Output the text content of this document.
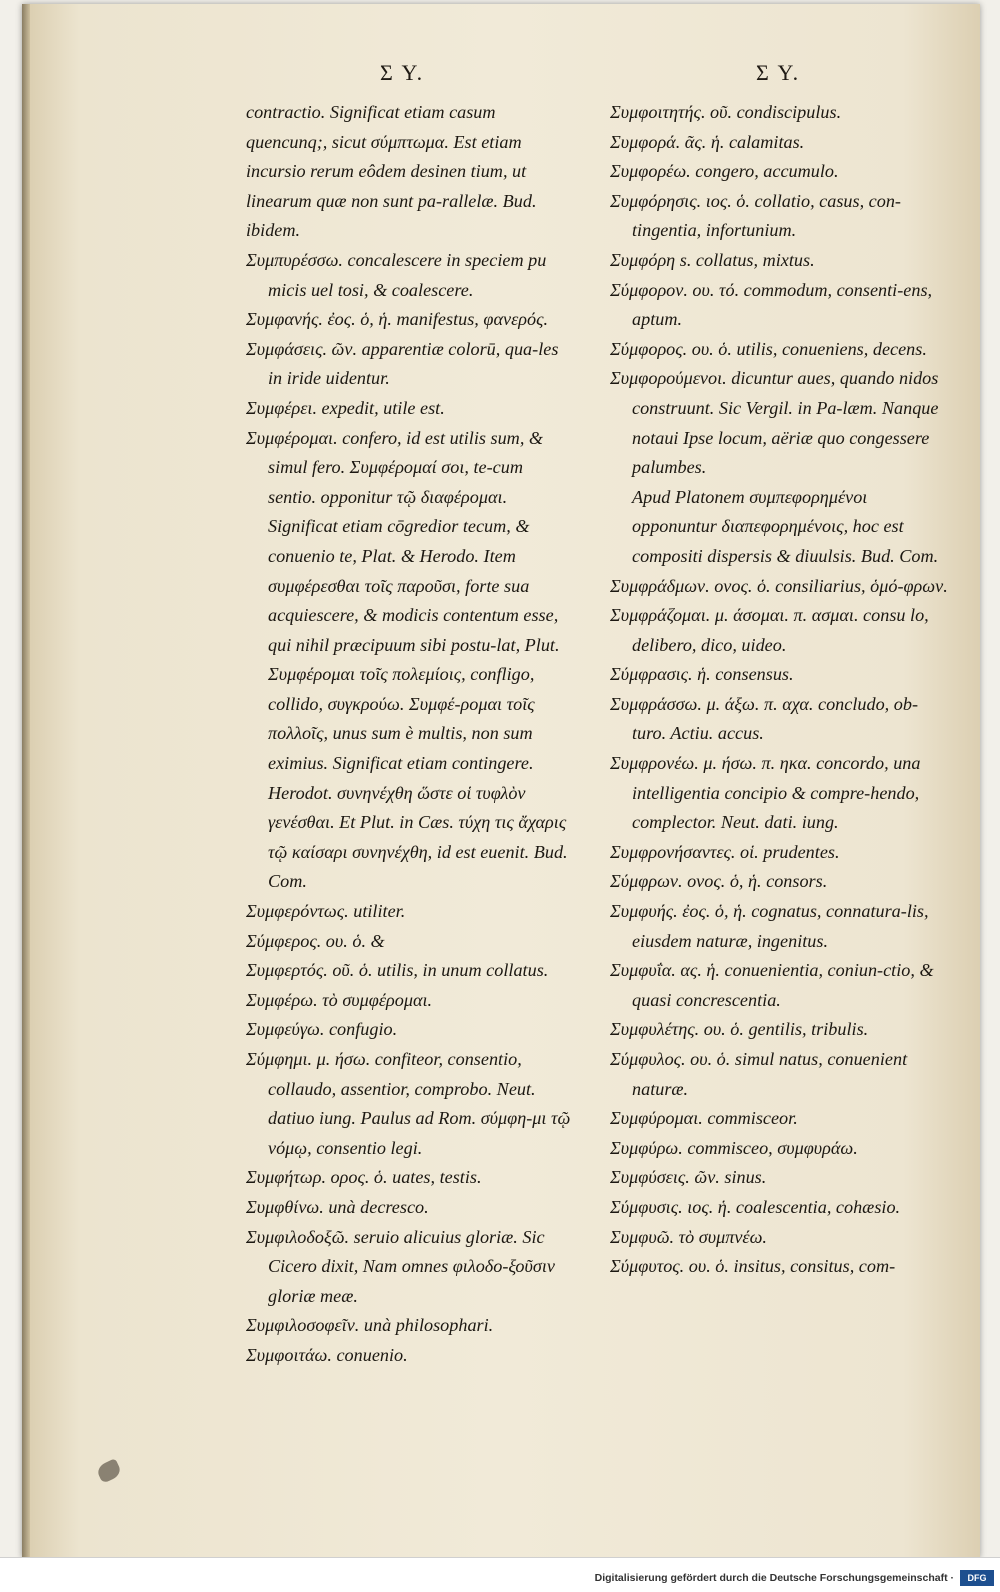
Σ Υ.	Σ Υ.

contractio. Significat etiam casum quencunq;, sicut σύμπτωμα. Est etiam incursio rerum eôdem desinen tium, ut linearum quæ non sunt pa-rallelæ. Bud. ibidem.

Συμπυρέσσω. concalescere in speciem pu micis uel tosi, & coalescere.

Συμφανής. ἐος. ὁ, ἡ. manifestus, φανερός.

Συμφάσεις. ῶν. apparentiæ colorū, qua-les in iride uidentur.

Συμφέρει. expedit, utile est.

Συμφέρομαι. confero, id est utilis sum, & simul fero. Συμφέρομαί σοι, te-cum sentio. opponitur τῷ διαφέρομαι.

Significat etiam cōgredior tecum, & conuenio te, Plat. & Herodo. Item συμφέρεσθαι τοῖς παροῦσι, forte sua acquiescere, & modicis contentum esse, qui nihil præcipuum sibi postu-lat, Plut. Συμφέρομαι τοῖς πολεμίοις, confligo, collido, συγκρούω. Συμφέ-ρομαι τοῖς πολλοῖς, unus sum è multis, non sum eximius. Significat etiam contingere. Herodot. συνηνέχθη ὥστε οἱ τυφλὸν γενέσθαι. Et Plut. in Cæs. τύχη τις ἄχαρις τῷ καίσαρι συνηνέχθη, id est euenit. Bud. Com.

Συμφερόντως. utiliter.

Σύμφερος. ου. ὁ. &

Συμφερτός. οῦ. ὁ. utilis, in unum collatus.

Συμφέρω. τὸ συμφέρομαι.

Συμφεύγω. confugio.

Σύμφημι. μ. ήσω. confiteor, consentio, collaudo, assentior, comprobo. Neut. datiuo iung. Paulus ad Rom. σύμφη-μι τῷ νόμῳ, consentio legi.

Συμφήτωρ. ορος. ὁ. uates, testis.

Συμφθίνω. unà decresco.

Συμφιλοδοξῶ. seruio alicuius gloriæ. Sic Cicero dixit, Nam omnes φιλοδο-ξοῦσιν gloriæ meæ.

Συμφιλοσοφεῖν. unà philosophari.

Συμφοιτάω. conuenio.

Συμφοιτητής. οῦ. condiscipulus.

Συμφορά. ᾶς. ἡ. calamitas.

Συμφορέω. congero, accumulo.

Συμφόρησις. ιος. ὁ. collatio, casus, con-tingentia, infortunium.

Συμφόρη s. collatus, mixtus.

Σύμφορον. ου. τό. commodum, consenti-ens, aptum.

Σύμφορος. ου. ὁ. utilis, conueniens, decens.

Συμφορούμενοι. dicuntur aues, quando nidos construunt. Sic Vergil. in Pa-læm. Nanque notaui Ipse locum, aëriæ quo congessere palumbes.

Apud Platonem συμπεφορημένοι opponuntur διαπεφορημένοις, hoc est compositi dispersis & diuulsis. Bud. Com.

Συμφράδμων. ονος. ὁ. consiliarius, ὁμό-φρων.

Συμφράζομαι. μ. άσομαι. π. ασμαι. consu lo, delibero, dico, uideo.

Σύμφρασις. ἡ. consensus.

Συμφράσσω. μ. άξω. π. αχα. concludo, ob-turo. Actiu. accus.

Συμφρονέω. μ. ήσω. π. ηκα. concordo, una intelligentia concipio & compre-hendo, complector. Neut. dati. iung.

Συμφρονήσαντες. οἱ. prudentes.

Σύμφρων. ονος. ὁ, ἡ. consors.

Συμφυής. ἐος. ὁ, ἡ. cognatus, connatura-lis, eiusdem naturæ, ingenitus.

Συμφυΐα. ας. ἡ. conuenientia, coniun-ctio, & quasi concrescentia.

Συμφυλέτης. ου. ὁ. gentilis, tribulis.

Σύμφυλος. ου. ὁ. simul natus, conuenient naturæ.

Συμφύρομαι. commisceor.

Συμφύρω. commisceo, συμφυράω.

Συμφύσεις. ῶν. sinus.

Σύμφυσις. ιος. ἡ. coalescentia, cohæsio.

Συμφυῶ. τὸ συμπνέω.

Σύμφυτος. ου. ὁ. insitus, consitus, com-

Digitalisierung gefördert durch die Deutsche Forschungsgemeinschaft ·	DFG
